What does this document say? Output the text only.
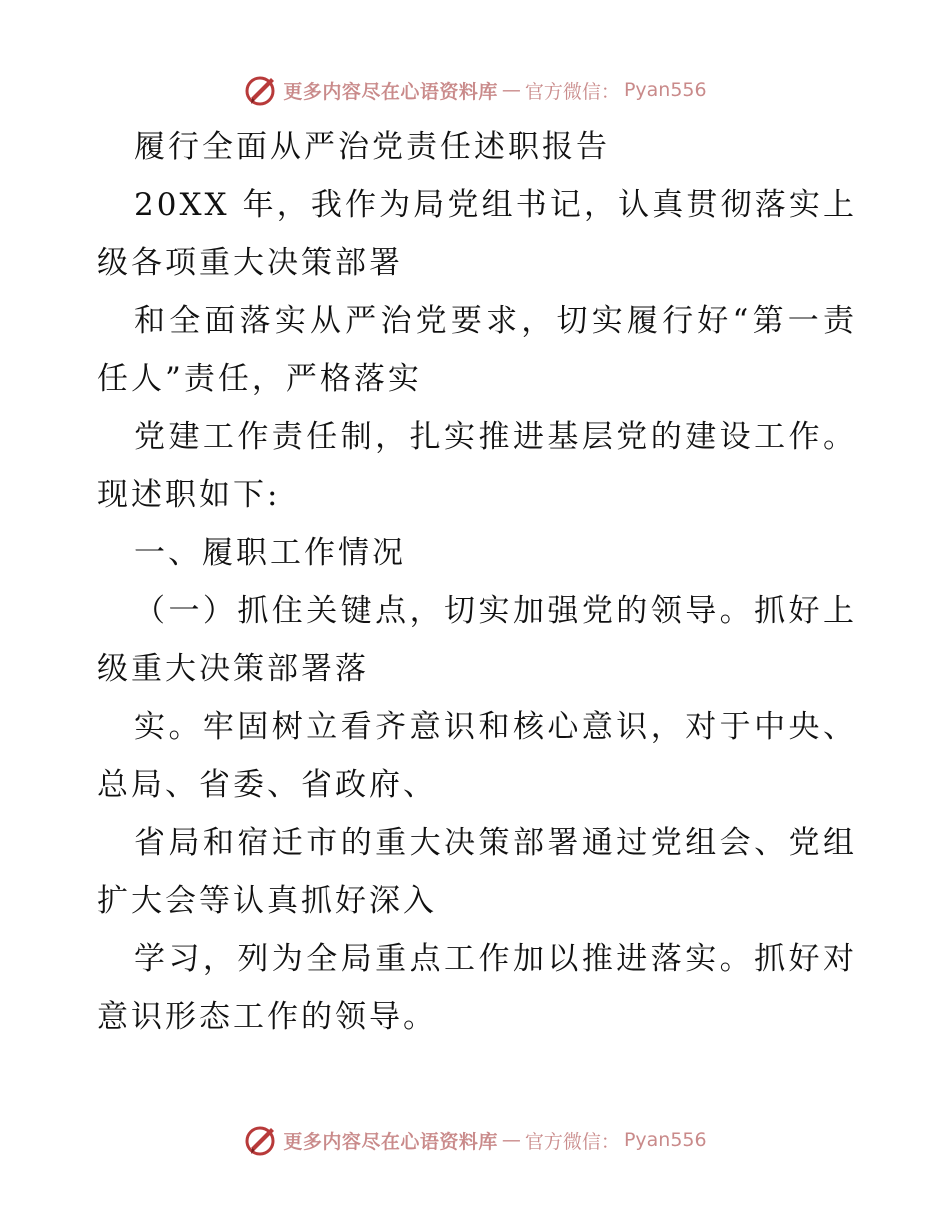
更多内容尽在心语资料库 — 官方微信： Pyan556

履行全面从严治党责任述职报告

20XX 年，我作为局党组书记，认真贯彻落实上级各项重大决策部署

和全面落实从严治党要求，切实履行好“第一责任人”责任，严格落实

党建工作责任制，扎实推进基层党的建设工作。现述职如下:

一、履职工作情况

（一）抓住关键点，切实加强党的领导。抓好上级重大决策部署落

实。牢固树立看齐意识和核心意识，对于中央、总局、省委、省政府、

省局和宿迁市的重大决策部署通过党组会、党组扩大会等认真抓好深入

学习，列为全局重点工作加以推进落实。抓好对意识形态工作的领导。

更多内容尽在心语资料库 — 官方微信： Pyan556
